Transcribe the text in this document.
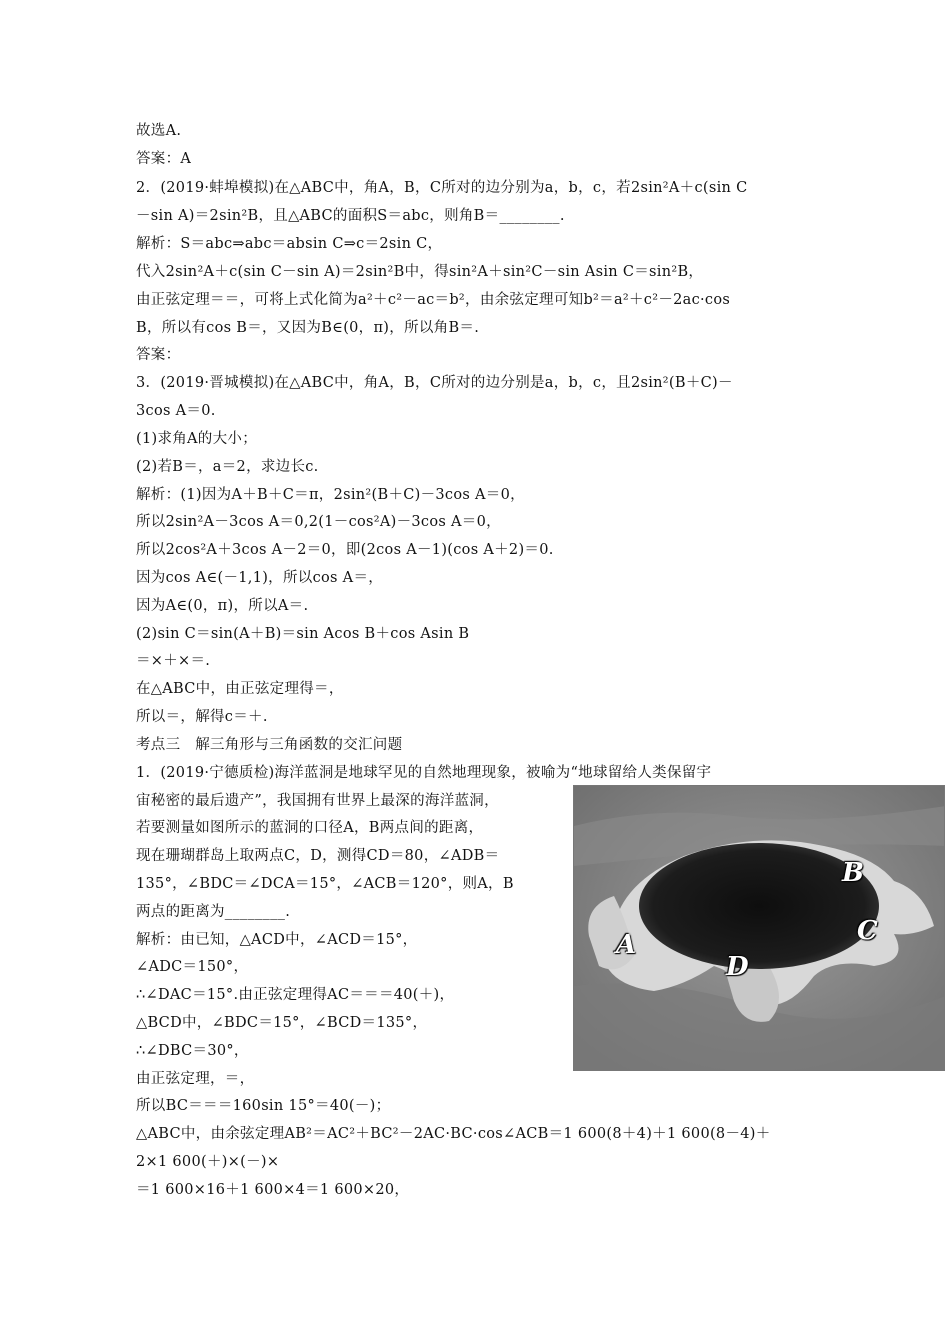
故选A.
答案：A
2．(2019·蚌埠模拟)在△ABC中，角A，B，C所对的边分别为a，b，c，若2sin²A＋c(sin C
－sin A)＝2sin²B，且△ABC的面积S＝abc，则角B＝________.
解析：S＝abc⇒abc＝absin C⇒c＝2sin C，
代入2sin²A＋c(sin C－sin A)＝2sin²B中，得sin²A＋sin²C－sin Asin C＝sin²B，
由正弦定理＝＝，可将上式化简为a²＋c²－ac＝b²，由余弦定理可知b²＝a²＋c²－2ac·cos
B，所以有cos B＝，又因为B∈(0，π)，所以角B＝.
答案：
3．(2019·晋城模拟)在△ABC中，角A，B，C所对的边分别是a，b，c，且2sin²(B＋C)－
3cos A＝0.
(1)求角A的大小；
(2)若B＝，a＝2，求边长c.
解析：(1)因为A＋B＋C＝π，2sin²(B＋C)－3cos A＝0，
所以2sin²A－3cos A＝0,2(1－cos²A)－3cos A＝0，
所以2cos²A＋3cos A－2＝0，即(2cos A－1)(cos A＋2)＝0.
因为cos A∈(－1,1)，所以cos A＝，
因为A∈(0，π)，所以A＝.
(2)sin C＝sin(A＋B)＝sin Acos B＋cos Asin B
＝×＋×＝.
在△ABC中，由正弦定理得＝，
所以＝，解得c＝＋.
考点三　解三角形与三角函数的交汇问题
1．(2019·宁德质检)海洋蓝洞是地球罕见的自然地理现象，被喻为“地球留给人类保留宇
宙秘密的最后遗产”，我国拥有世界上最深的海洋蓝洞，
若要测量如图所示的蓝洞的口径A，B两点间的距离，
现在珊瑚群岛上取两点C，D，测得CD＝80，∠ADB＝
135°，∠BDC＝∠DCA＝15°，∠ACB＝120°，则A，B
两点的距离为________.
解析：由已知，△ACD中，∠ACD＝15°，
∠ADC＝150°，
∴∠DAC＝15°.由正弦定理得AC＝＝＝40(＋)，
△BCD中，∠BDC＝15°，∠BCD＝135°，
∴∠DBC＝30°，
由正弦定理，＝，
所以BC＝＝＝160sin 15°＝40(－)；
△ABC中，由余弦定理AB²＝AC²＋BC²－2AC·BC·cos∠ACB＝1 600(8＋4)＋1 600(8－4)＋
2×1 600(＋)×(－)×
＝1 600×16＋1 600×4＝1 600×20，
B
C
A
D
